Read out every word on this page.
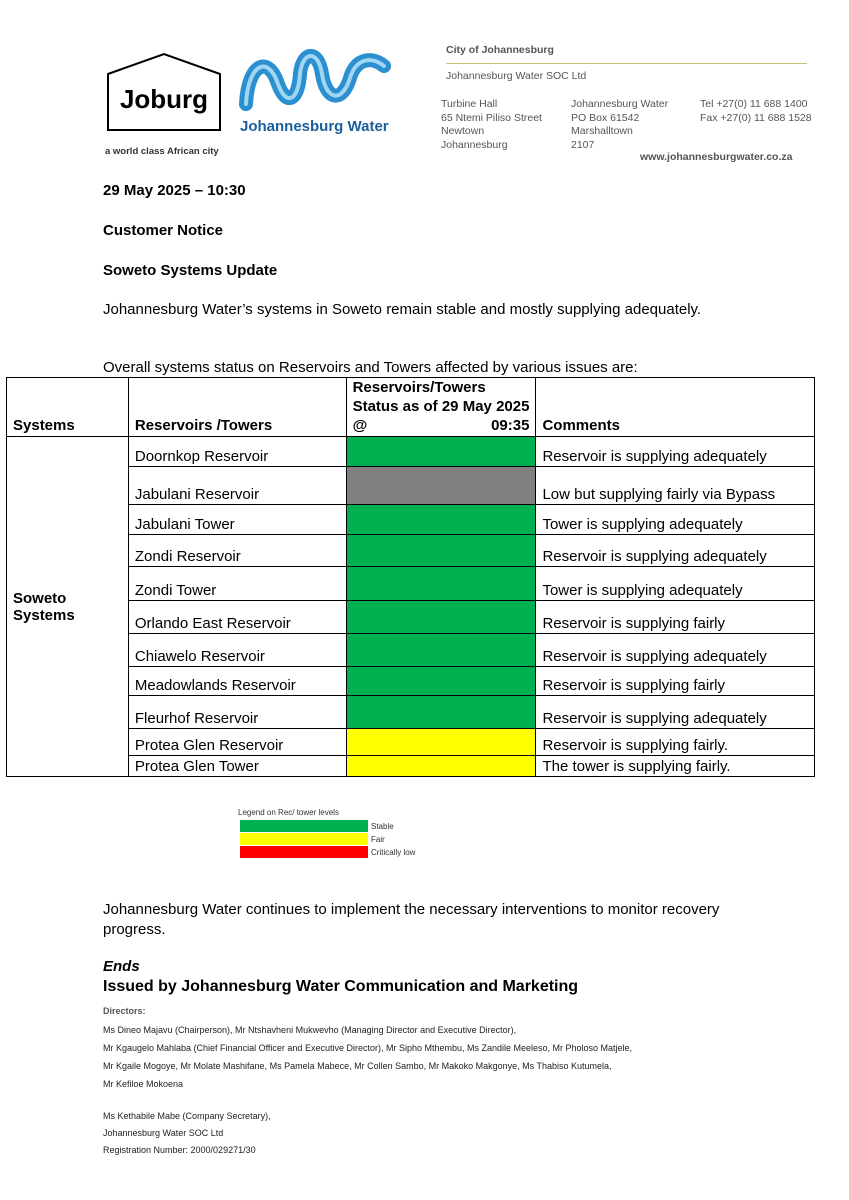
Joburg
a world class African city
Johannesburg Water
City of Johannesburg
Johannesburg Water SOC Ltd
Turbine Hall
65 Ntemi Piliso Street
Newtown
Johannesburg
Johannesburg Water
PO Box 61542
Marshalltown
2107
Tel +27(0) 11 688 1400
Fax +27(0) 11 688 1528
www.johannesburgwater.co.za
29 May 2025 – 10:30
Customer Notice
Soweto Systems Update
Johannesburg Water’s systems in Soweto remain stable and mostly supplying adequately.
Overall systems status on Reservoirs and Towers affected by various issues are:
Systems	Reservoirs /Towers	Reservoirs/Towers Status as of 29 May 2025 @ 09:35	Comments
Soweto Systems	Doornkop Reservoir		Reservoir is supplying adequately
	Jabulani Reservoir		Low but supplying fairly via Bypass
	Jabulani Tower		Tower is supplying adequately
	Zondi Reservoir		Reservoir is supplying adequately
	Zondi Tower		Tower is supplying adequately
	Orlando East Reservoir		Reservoir is supplying fairly
	Chiawelo Reservoir		Reservoir is supplying adequately
	Meadowlands Reservoir		Reservoir is supplying fairly
	Fleurhof Reservoir		Reservoir is supplying adequately
	Protea Glen Reservoir		Reservoir is supplying fairly.
	Protea Glen Tower		The tower is supplying fairly.
Legend on Rec/ tower levels
Stable
Fair
Critically low
Johannesburg Water continues to implement the necessary interventions to monitor recovery progress.
Ends
Issued by Johannesburg Water Communication and Marketing
Directors:
Ms Dineo Majavu (Chairperson), Mr Ntshavheni Mukwevho (Managing Director and Executive Director),
Mr Kgaugelo Mahlaba (Chief Financial Officer and Executive Director), Mr Sipho Mthembu, Ms Zandile Meeleso, Mr Pholoso Matjele,
Mr Kgaile Mogoye, Mr Molate Mashifane, Ms Pamela Mabece, Mr Collen Sambo, Mr Makoko Makgonye, Ms Thabiso Kutumela,
Mr Kefiloe Mokoena
Ms Kethabile Mabe (Company Secretary),
Johannesburg Water SOC Ltd
Registration Number: 2000/029271/30
